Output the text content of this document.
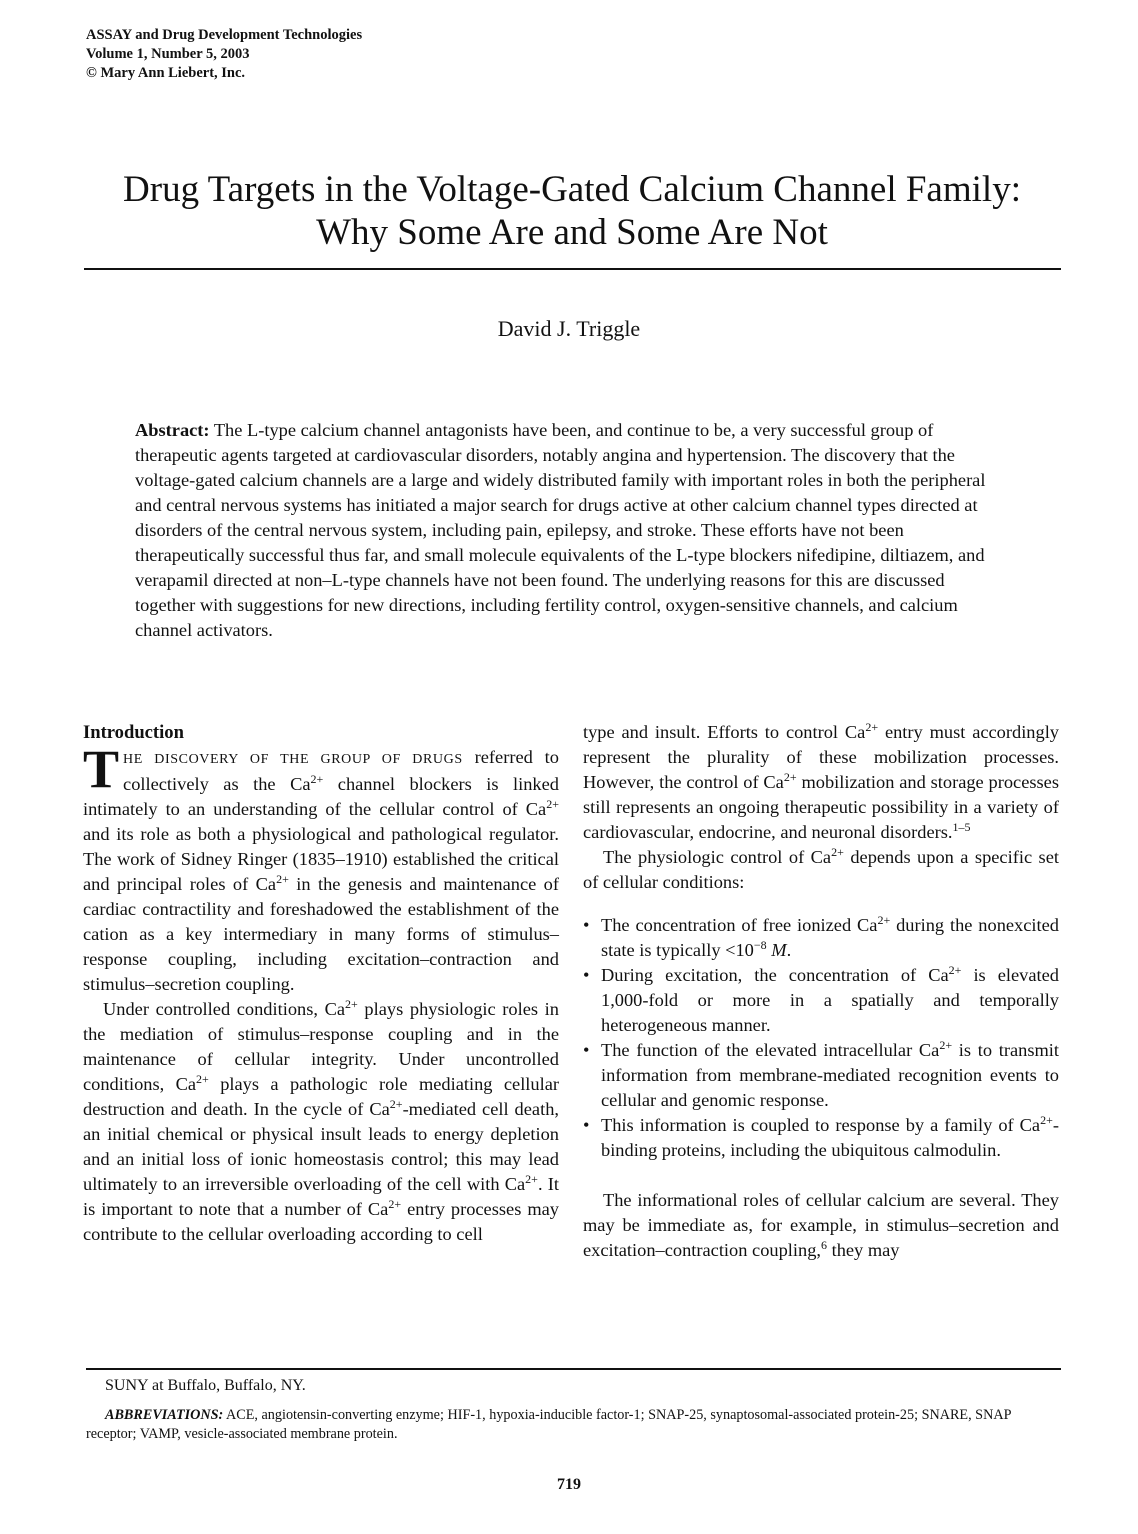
ASSAY and Drug Development Technologies
Volume 1, Number 5, 2003
© Mary Ann Liebert, Inc.
Drug Targets in the Voltage-Gated Calcium Channel Family:
Why Some Are and Some Are Not
David J. Triggle
Abstract: The L-type calcium channel antagonists have been, and continue to be, a very successful group of therapeutic agents targeted at cardiovascular disorders, notably angina and hypertension. The discovery that the voltage-gated calcium channels are a large and widely distributed family with important roles in both the peripheral and central nervous systems has initiated a major search for drugs active at other calcium channel types directed at disorders of the central nervous system, including pain, epilepsy, and stroke. These efforts have not been therapeutically successful thus far, and small molecule equivalents of the L-type blockers nifedipine, diltiazem, and verapamil directed at non–L-type channels have not been found. The underlying reasons for this are discussed together with suggestions for new directions, including fertility control, oxygen-sensitive channels, and calcium channel activators.

Introduction

THE DISCOVERY OF THE GROUP OF DRUGS referred to collectively as the $Ca^{2+}$ channel blockers is linked intimately to an understanding of the cellular control of $Ca^{2+}$ and its role as both a physiological and pathological regulator. The work of Sidney Ringer (1835–1910) established the critical and principal roles of $Ca^{2+}$ in the genesis and maintenance of cardiac contractility and foreshadowed the establishment of the cation as a key intermediary in many forms of stimulus–response coupling, including excitation–contraction and stimulus–secretion coupling.

Under controlled conditions, $Ca^{2+}$ plays physiologic roles in the mediation of stimulus–response coupling and in the maintenance of cellular integrity. Under uncontrolled conditions, $Ca^{2+}$ plays a pathologic role mediating cellular destruction and death. In the cycle of $Ca^{2+}$-mediated cell death, an initial chemical or physical insult leads to energy depletion and an initial loss of ionic homeostasis control; this may lead ultimately to an irreversible overloading of the cell with $Ca^{2+}$. It is important to note that a number of $Ca^{2+}$ entry processes may contribute to the cellular overloading according to cell

type and insult. Efforts to control $Ca^{2+}$ entry must accordingly represent the plurality of these mobilization processes. However, the control of $Ca^{2+}$ mobilization and storage processes still represents an ongoing therapeutic possibility in a variety of cardiovascular, endocrine, and neuronal disorders.$^{1-5}$

The physiologic control of $Ca^{2+}$ depends upon a specific set of cellular conditions:

• The concentration of free ionized $Ca^{2+}$ during the nonexcited state is typically $<10^{-8}$ M.
• During excitation, the concentration of $Ca^{2+}$ is elevated 1,000-fold or more in a spatially and temporally heterogeneous manner.
• The function of the elevated intracellular $Ca^{2+}$ is to transmit information from membrane-mediated recognition events to cellular and genomic response.
• This information is coupled to response by a family of $Ca^{2+}$-binding proteins, including the ubiquitous calmodulin.

The informational roles of cellular calcium are several. They may be immediate as, for example, in stimulus–secretion and excitation–contraction coupling,$^6$ they may

SUNY at Buffalo, Buffalo, NY.
ABBREVIATIONS: ACE, angiotensin-converting enzyme; HIF-1, hypoxia-inducible factor-1; SNAP-25, synaptosomal-associated protein-25; SNARE, SNAP receptor; VAMP, vesicle-associated membrane protein.
719
